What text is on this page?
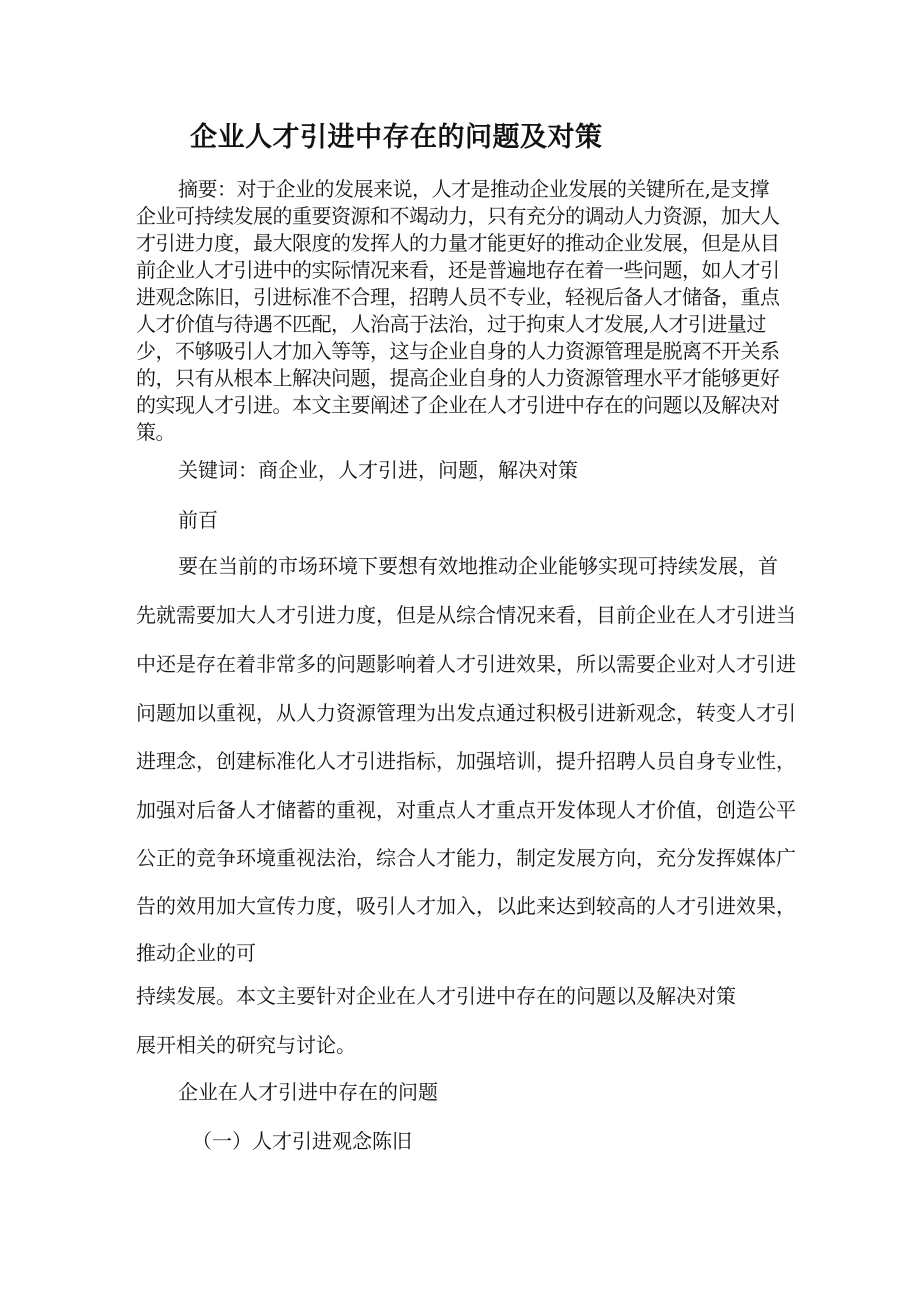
企业人才引进中存在的问题及对策
摘要：对于企业的发展来说，人才是推动企业发展的关键所在,是支撑
企业可持续发展的重要资源和不竭动力，只有充分的调动人力资源，加大人
才引进力度，最大限度的发挥人的力量才能更好的推动企业发展，但是从目
前企业人才引进中的实际情况来看，还是普遍地存在着一些问题，如人才引
进观念陈旧，引进标准不合理，招聘人员不专业，轻视后备人才储备，重点
人才价值与待遇不匹配，人治高于法治，过于拘束人才发展,人才引进量过
少，不够吸引人才加入等等，这与企业自身的人力资源管理是脱离不开关系
的，只有从根本上解决问题，提高企业自身的人力资源管理水平才能够更好
的实现人才引进。本文主要阐述了企业在人才引进中存在的问题以及解决对
策。

关键词：商企业，人才引进，问题，解决对策

前百

要在当前的市场环境下要想有效地推动企业能够实现可持续发展，首

先就需要加大人才引进力度，但是从综合情况来看，目前企业在人才引进当

中还是存在着非常多的问题影响着人才引进效果，所以需要企业对人才引进

问题加以重视，从人力资源管理为出发点通过积极引进新观念，转变人才引

进理念，创建标准化人才引进指标，加强培训，提升招聘人员自身专业性，

加强对后备人才储蓄的重视，对重点人才重点开发体现人才价值，创造公平

公正的竞争环境重视法治，综合人才能力，制定发展方向，充分发挥媒体广

告的效用加大宣传力度，吸引人才加入，以此来达到较高的人才引进效果，

推动企业的可

持续发展。本文主要针对企业在人才引进中存在的问题以及解决对策

展开相关的研究与讨论。

企业在人才引进中存在的问题

（一）人才引进观念陈旧
